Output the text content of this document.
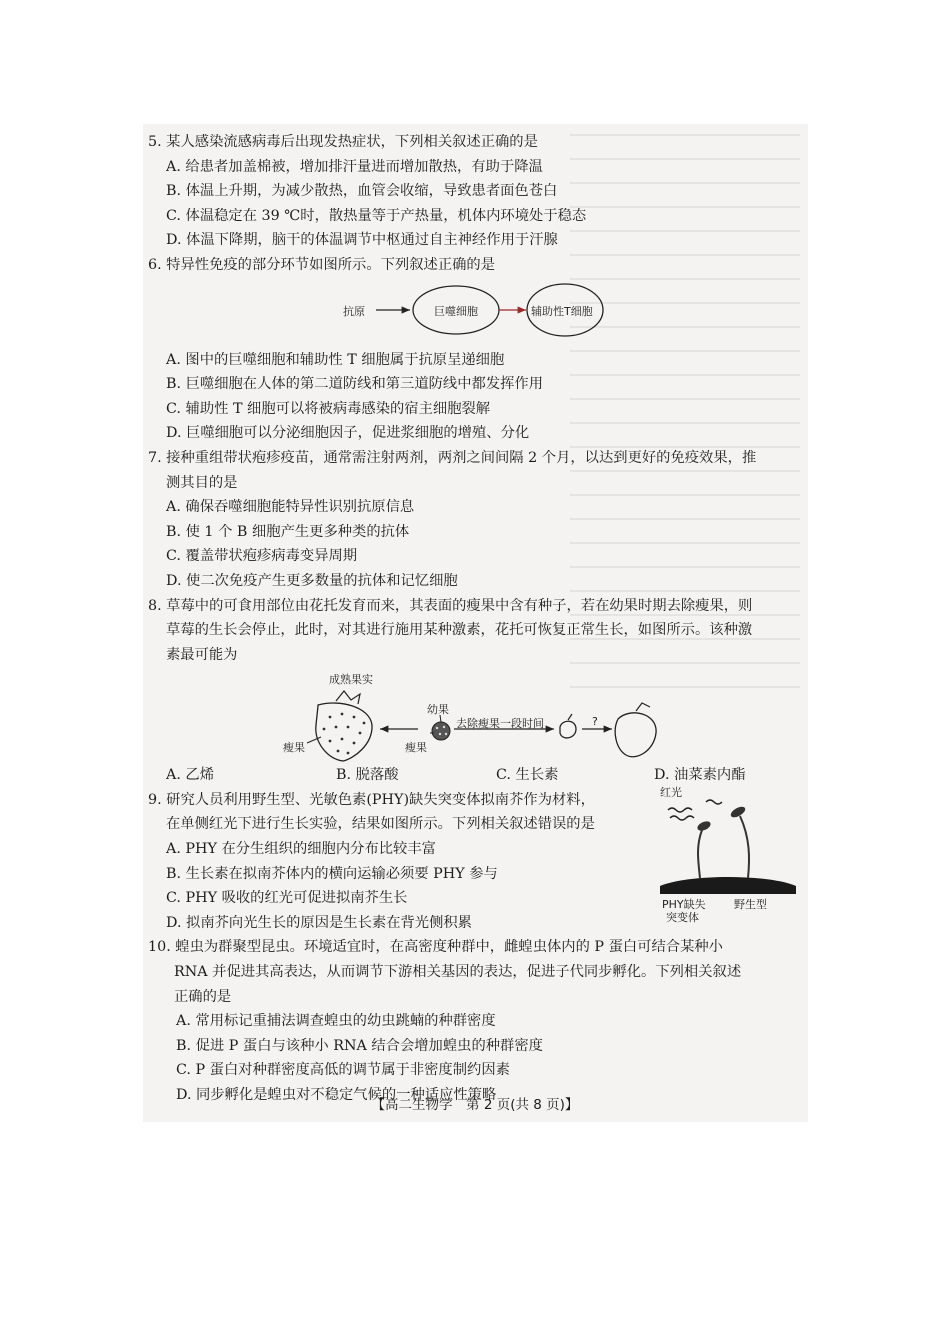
5. 某人感染流感病毒后出现发热症状，下列相关叙述正确的是

A. 给患者加盖棉被，增加排汗量进而增加散热，有助于降温
B. 体温上升期，为减少散热，血管会收缩，导致患者面色苍白
C. 体温稳定在 39 ℃时，散热量等于产热量，机体内环境处于稳态
D. 体温下降期，脑干的体温调节中枢通过自主神经作用于汗腺

6. 特异性免疫的部分环节如图所示。下列叙述正确的是

抗原	巨噬细胞	辅助性T细胞
A. 图中的巨噬细胞和辅助性 T 细胞属于抗原呈递细胞
B. 巨噬细胞在人体的第二道防线和第三道防线中都发挥作用
C. 辅助性 T 细胞可以将被病毒感染的宿主细胞裂解
D. 巨噬细胞可以分泌细胞因子，促进浆细胞的增殖、分化

7. 接种重组带状疱疹疫苗，通常需注射两剂，两剂之间间隔 2 个月，以达到更好的免疫效果，推

测其目的是

A. 确保吞噬细胞能特异性识别抗原信息
B. 使 1 个 B 细胞产生更多种类的抗体
C. 覆盖带状疱疹病毒变异周期
D. 使二次免疫产生更多数量的抗体和记忆细胞

8. 草莓中的可食用部位由花托发育而来，其表面的瘦果中含有种子，若在幼果时期去除瘦果，则

草莓的生长会停止，此时，对其进行施用某种激素，花托可恢复正常生长，如图所示。该种激

素最可能为

成熟果实
瘦果
幼果
瘦果
去除瘦果一段时间	?
A. 乙烯	B. 脱落酸	C. 生长素	D. 油菜素内酯

9. 研究人员利用野生型、光敏色素(PHY)缺失突变体拟南芥作为材料，

在单侧红光下进行生长实验，结果如图所示。下列相关叙述错误的是

A. PHY 在分生组织的细胞内分布比较丰富
B. 生长素在拟南芥体内的横向运输必须要 PHY 参与
C. PHY 吸收的红光可促进拟南芥生长
D. 拟南芥向光生长的原因是生长素在背光侧积累
红光
PHY缺失
突变体
野生型

10. 蝗虫为群聚型昆虫。环境适宜时，在高密度种群中，雌蝗虫体内的 P 蛋白可结合某种小

RNA 并促进其高表达，从而调节下游相关基因的表达，促进子代同步孵化。下列相关叙述

正确的是

A. 常用标记重捕法调查蝗虫的幼虫跳蝻的种群密度
B. 促进 P 蛋白与该种小 RNA 结合会增加蝗虫的种群密度
C. P 蛋白对种群密度高低的调节属于非密度制约因素
D. 同步孵化是蝗虫对不稳定气候的一种适应性策略
【高二生物学　第 2 页(共 8 页)】
